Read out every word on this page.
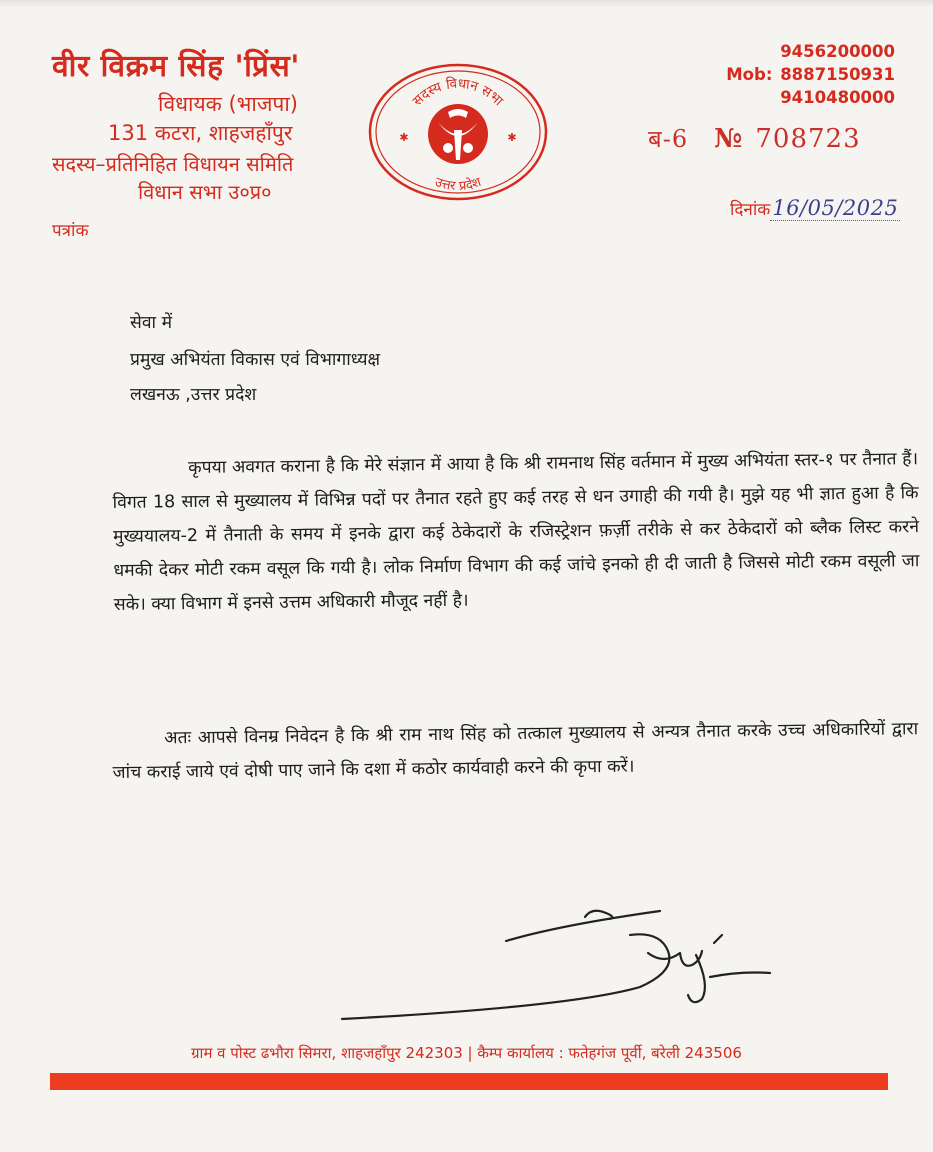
वीर विक्रम सिंह 'प्रिंस'
विधायक (भाजपा)
131 कटरा, शाहजहाँपुर
सदस्य–प्रतिनिहित विधायन समिति
विधान सभा उ०प्र०
पत्रांक
सदस्य विधान सभा
उत्तर प्रदेश
✱	✱
9456200000
Mob: 8887150931
9410480000
ब-6 № 708723
दिनांक16/05/2025
सेवा में
प्रमुख अभियंता विकास एवं विभागाध्यक्ष
लखनऊ ,उत्तर प्रदेश
कृपया अवगत कराना है कि मेरे संज्ञान में आया है कि श्री रामनाथ सिंह वर्तमान में मुख्य अभियंता स्तर-१ पर तैनात हैं। विगत 18 साल से मुख्यालय में विभिन्न पदों पर तैनात रहते हुए कई तरह से धन उगाही की गयी है। मुझे यह भी ज्ञात हुआ है कि मुख्ययालय-2 में तैनाती के समय में इनके द्वारा कई ठेकेदारों के रजिस्ट्रेशन फ़र्ज़ी तरीके से कर ठेकेदारों को ब्लैक लिस्ट करने धमकी देकर मोटी रकम वसूल कि गयी है। लोक निर्माण विभाग की कई जांचे इनको ही दी जाती है जिससे मोटी रकम वसूली जा सके। क्या विभाग में इनसे उत्तम अधिकारी मौजूद नहीं है।
अतः आपसे विनम्र निवेदन है कि श्री राम नाथ सिंह को तत्काल मुख्यालय से अन्यत्र तैनात करके उच्च अधिकारियों द्वारा जांच कराई जाये एवं दोषी पाए जाने कि दशा में कठोर कार्यवाही करने की कृपा करें।
ग्राम व पोस्ट ढभौरा सिमरा, शाहजहाँपुर 242303 | कैम्प कार्यालय : फतेहगंज पूर्वी, बरेली 243506
